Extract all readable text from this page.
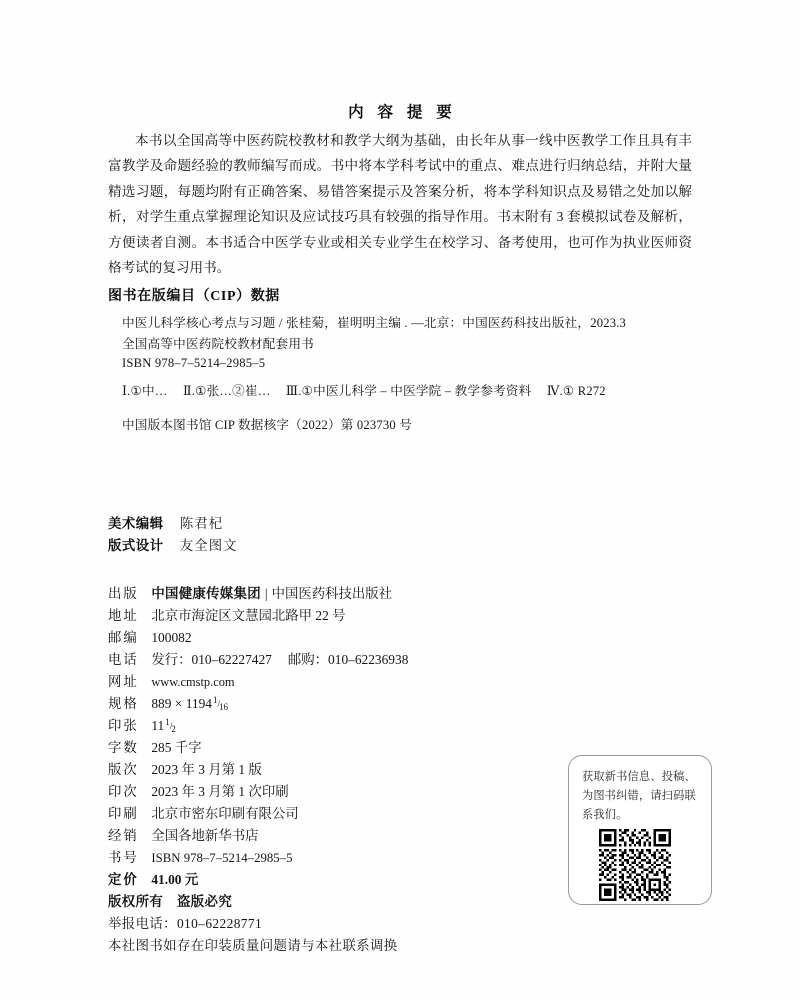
内 容 提 要
本书以全国高等中医药院校教材和教学大纲为基础，由长年从事一线中医教学工作且具有丰富教学及命题经验的教师编写而成。书中将本学科考试中的重点、难点进行归纳总结，并附大量精选习题，每题均附有正确答案、易错答案提示及答案分析，将本学科知识点及易错之处加以解析，对学生重点掌握理论知识及应试技巧具有较强的指导作用。书末附有 3 套模拟试卷及解析，方便读者自测。本书适合中医学专业或相关专业学生在校学习、备考使用，也可作为执业医师资格考试的复习用书。
图书在版编目（CIP）数据
中医儿科学核心考点与习题 / 张桂菊，崔明明主编 . —北京：中国医药科技出版社，2023.3
全国高等中医药院校教材配套用书
ISBN 978–7–5214–2985–5
Ⅰ.①中… Ⅱ.①张…②崔… Ⅲ.①中医儿科学 – 中医学院 – 教学参考资料 Ⅳ.① R272
中国版本图书馆 CIP 数据核字（2022）第 023730 号
美术编辑 陈君杞
版式设计 友全图文
出版 中国健康传媒集团 | 中国医药科技出版社
地址 北京市海淀区文慧园北路甲 22 号
邮编 100082
电话 发行：010–62227427 邮购：010–62236938
网址 www.cmstp.com
规格 889 × 11941/16
印张 111/2
字数 285 千字
版次 2023 年 3 月第 1 版
印次 2023 年 3 月第 1 次印刷
印刷 北京市密东印刷有限公司
经销 全国各地新华书店
书号 ISBN 978–7–5214–2985–5
定价 41.00 元
版权所有　盗版必究
举报电话：010–62228771
本社图书如存在印装质量问题请与本社联系调换
获取新书信息、投稿、为图书纠错，请扫码联系我们。
